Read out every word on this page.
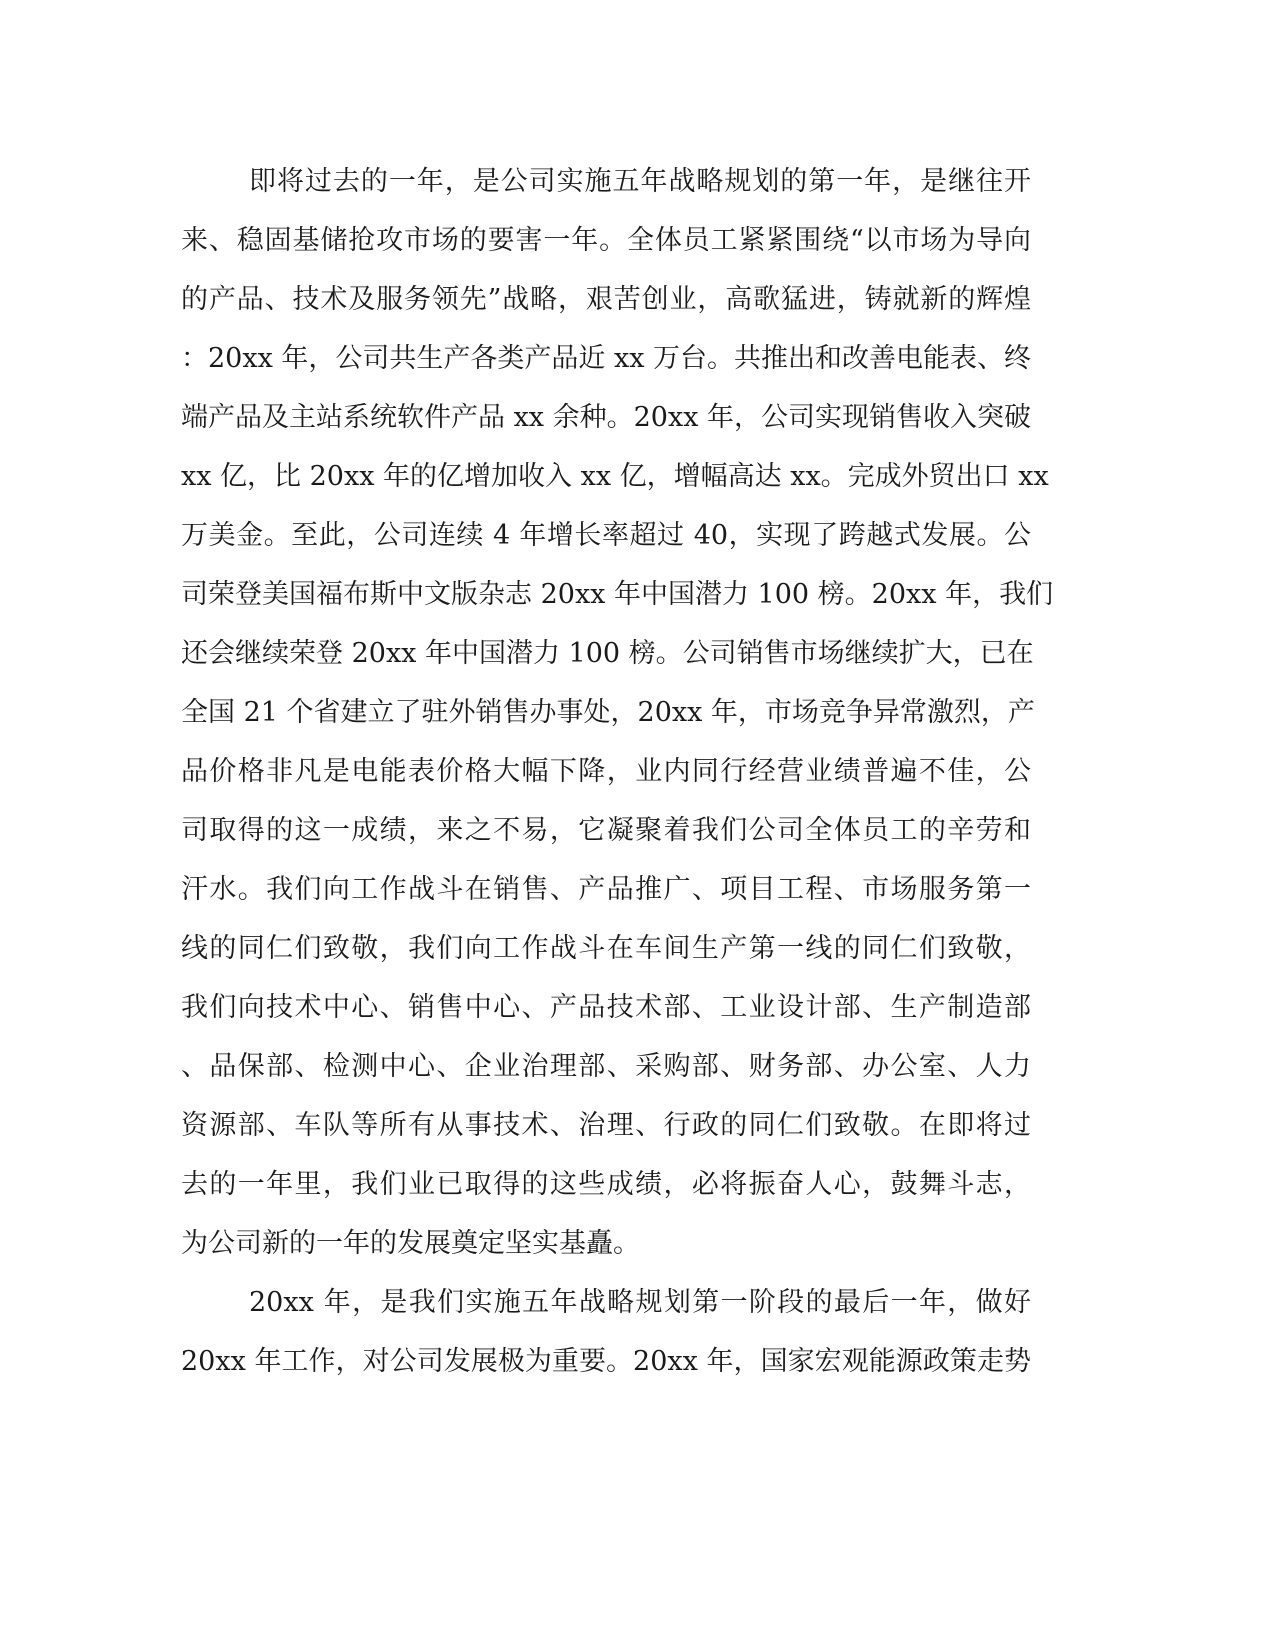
即将过去的一年，是公司实施五年战略规划的第一年，是继往开
来、稳固基储抢攻市场的要害一年。全体员工紧紧围绕“以市场为导向
的产品、技术及服务领先”战略，艰苦创业，高歌猛进，铸就新的辉煌
：20xx 年，公司共生产各类产品近 xx 万台。共推出和改善电能表、终
端产品及主站系统软件产品 xx 余种。20xx 年，公司实现销售收入突破
xx 亿，比 20xx 年的亿增加收入 xx 亿，增幅高达 xx。完成外贸出口 xx
万美金。至此，公司连续 4 年增长率超过 40，实现了跨越式发展。公
司荣登美国福布斯中文版杂志 20xx 年中国潜力 100 榜。20xx 年，我们
还会继续荣登 20xx 年中国潜力 100 榜。公司销售市场继续扩大，已在
全国 21 个省建立了驻外销售办事处，20xx 年，市场竞争异常激烈，产
品价格非凡是电能表价格大幅下降，业内同行经营业绩普遍不佳，公
司取得的这一成绩，来之不易，它凝聚着我们公司全体员工的辛劳和
汗水。我们向工作战斗在销售、产品推广、项目工程、市场服务第一
线的同仁们致敬，我们向工作战斗在车间生产第一线的同仁们致敬，
我们向技术中心、销售中心、产品技术部、工业设计部、生产制造部
、品保部、检测中心、企业治理部、采购部、财务部、办公室、人力
资源部、车队等所有从事技术、治理、行政的同仁们致敬。在即将过
去的一年里，我们业已取得的这些成绩，必将振奋人心，鼓舞斗志，
为公司新的一年的发展奠定坚实基矗。
20xx 年，是我们实施五年战略规划第一阶段的最后一年，做好
20xx 年工作，对公司发展极为重要。20xx 年，国家宏观能源政策走势
